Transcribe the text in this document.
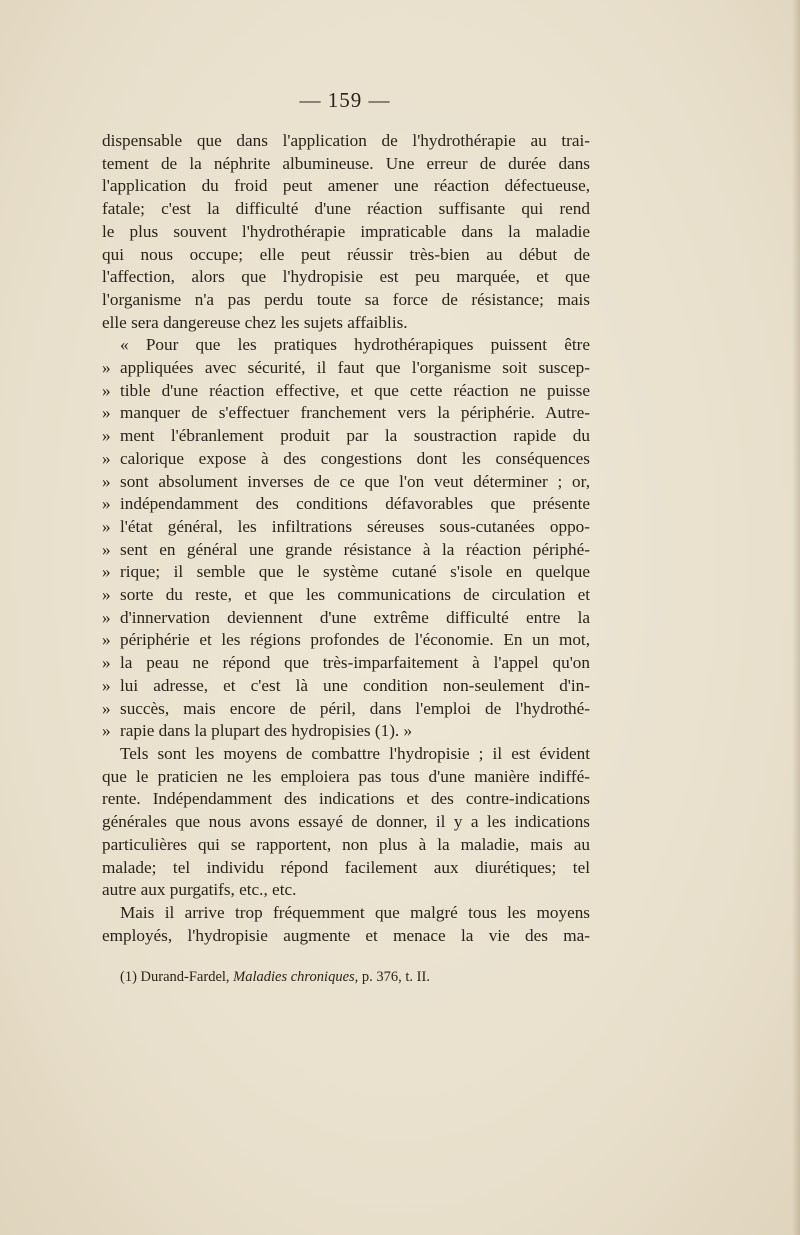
— 159 —
dispensable que dans l'application de l'hydrothérapie au trai-
tement de la néphrite albumineuse. Une erreur de durée dans
l'application du froid peut amener une réaction défectueuse,
fatale; c'est la difficulté d'une réaction suffisante qui rend
le plus souvent l'hydrothérapie impraticable dans la maladie
qui nous occupe; elle peut réussir très-bien au début de
l'affection, alors que l'hydropisie est peu marquée, et que
l'organisme n'a pas perdu toute sa force de résistance; mais
elle sera dangereuse chez les sujets affaiblis.
« Pour que les pratiques hydrothérapiques puissent être
» appliquées avec sécurité, il faut que l'organisme soit suscep-
» tible d'une réaction effective, et que cette réaction ne puisse
» manquer de s'effectuer franchement vers la périphérie. Autre-
» ment l'ébranlement produit par la soustraction rapide du
» calorique expose à des congestions dont les conséquences
» sont absolument inverses de ce que l'on veut déterminer ; or,
» indépendamment des conditions défavorables que présente
» l'état général, les infiltrations séreuses sous-cutanées oppo-
» sent en général une grande résistance à la réaction périphé-
» rique; il semble que le système cutané s'isole en quelque
» sorte du reste, et que les communications de circulation et
» d'innervation deviennent d'une extrême difficulté entre la
» périphérie et les régions profondes de l'économie. En un mot,
» la peau ne répond que très-imparfaitement à l'appel qu'on
» lui adresse, et c'est là une condition non-seulement d'in-
» succès, mais encore de péril, dans l'emploi de l'hydrothé-
» rapie dans la plupart des hydropisies (1). »
Tels sont les moyens de combattre l'hydropisie ; il est évident
que le praticien ne les emploiera pas tous d'une manière indiffé-
rente. Indépendamment des indications et des contre-indications
générales que nous avons essayé de donner, il y a les indications
particulières qui se rapportent, non plus à la maladie, mais au
malade; tel individu répond facilement aux diurétiques; tel
autre aux purgatifs, etc., etc.
Mais il arrive trop fréquemment que malgré tous les moyens
employés, l'hydropisie augmente et menace la vie des ma-
(1) Durand-Fardel, Maladies chroniques, p. 376, t. II.
